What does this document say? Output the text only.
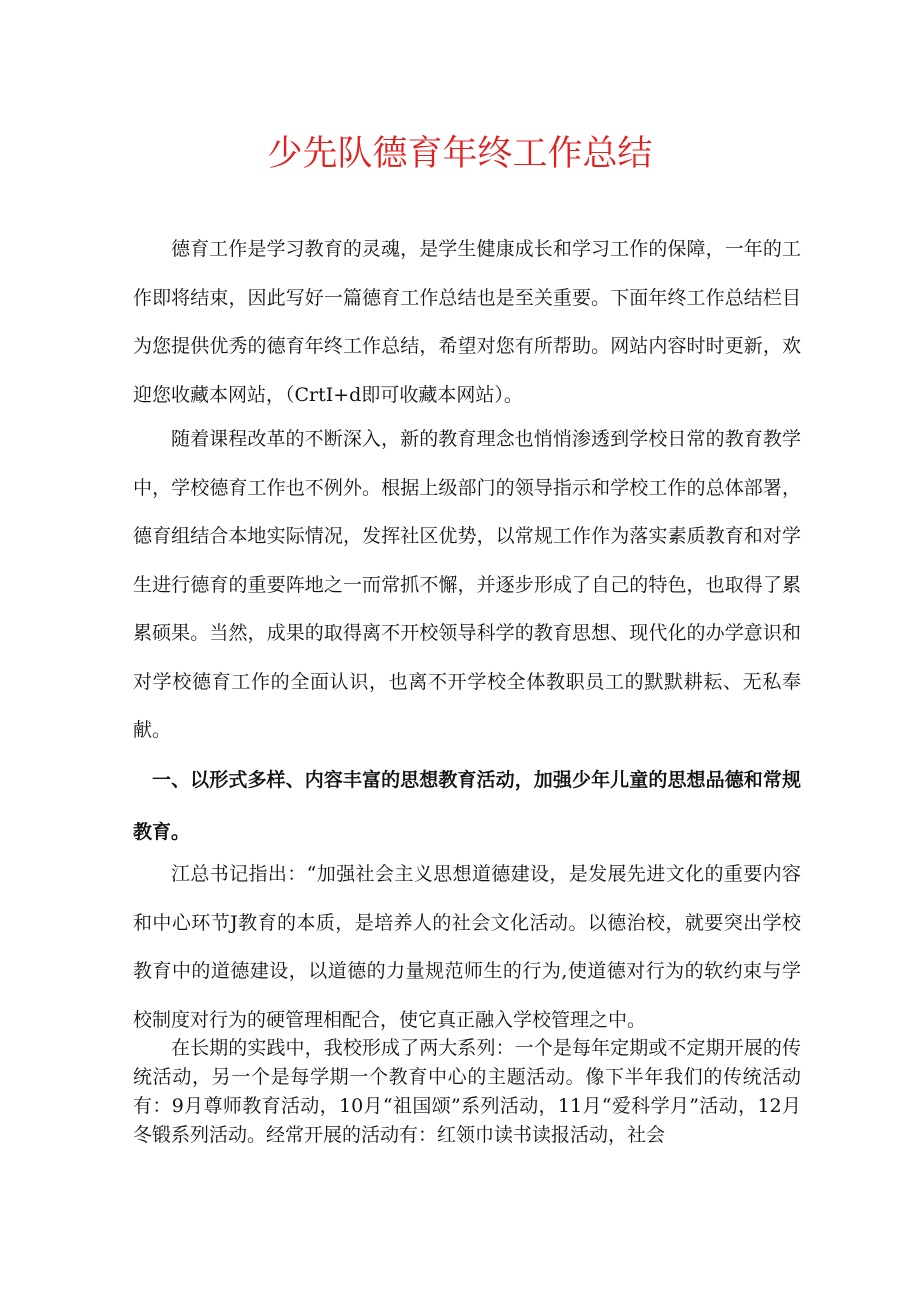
少先队德育年终工作总结

德育工作是学习教育的灵魂，是学生健康成长和学习工作的保障，一年的工作即将结束，因此写好一篇德育工作总结也是至关重要。下面年终工作总结栏目为您提供优秀的德育年终工作总结，希望对您有所帮助。网站内容时时更新，欢迎您收藏本网站，（CrtI+d即可收藏本网站）。

随着课程改革的不断深入，新的教育理念也悄悄渗透到学校日常的教育教学中，学校德育工作也不例外。根据上级部门的领导指示和学校工作的总体部署，德育组结合本地实际情况，发挥社区优势，以常规工作作为落实素质教育和对学生进行德育的重要阵地之一而常抓不懈，并逐步形成了自己的特色，也取得了累累硕果。当然，成果的取得离不开校领导科学的教育思想、现代化的办学意识和对学校德育工作的全面认识，也离不开学校全体教职员工的默默耕耘、无私奉献。

一、以形式多样、内容丰富的思想教育活动，加强少年儿童的思想品德和常规教育。

江总书记指出：“加强社会主义思想道德建设，是发展先进文化的重要内容和中心环节J教育的本质，是培养人的社会文化活动。以德治校，就要突出学校教育中的道德建设，以道德的力量规范师生的行为,使道德对行为的软约束与学校制度对行为的硬管理相配合，使它真正融入学校管理之中。

在长期的实践中，我校形成了两大系列：一个是每年定期或不定期开展的传统活动，另一个是每学期一个教育中心的主题活动。像下半年我们的传统活动有：9月尊师教育活动，10月“祖国颂”系列活动，11月“爱科学月”活动，12月冬锻系列活动。经常开展的活动有：红领巾读书读报活动，社会
